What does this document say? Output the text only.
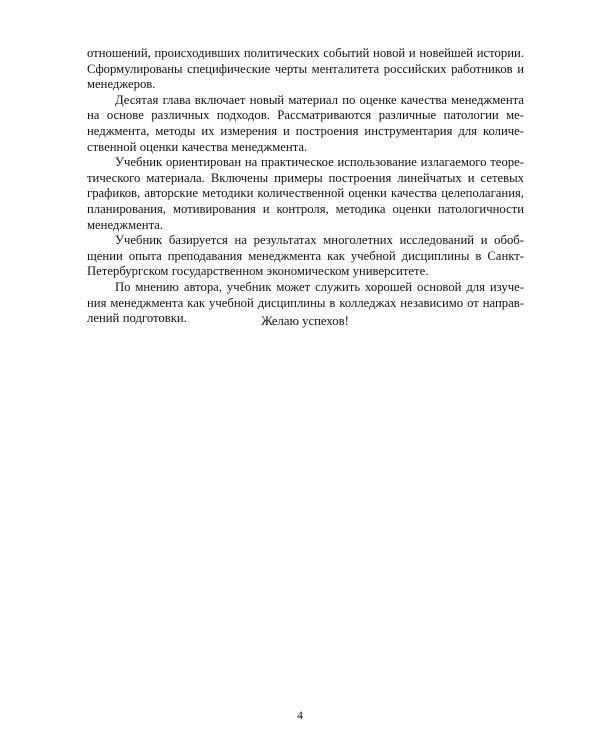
отношений, происходивших политических событий новой и новейшей истории.
Сформулированы специфические черты менталитета российских работников и
менеджеров.

Десятая глава включает новый материал по оценке качества менеджмента
на основе различных подходов. Рассматриваются различные патологии ме-
неджмента, методы их измерения и построения инструментария для количе-
ственной оценки качества менеджмента.

Учебник ориентирован на практическое использование излагаемого теоре-
тического материала. Включены примеры построения линейчатых и сетевых
графиков, авторские методики количественной оценки качества целеполагания,
планирования, мотивирования и контроля, методика оценки патологичности
менеджмента.

Учебник базируется на результатах многолетних исследований и обоб-
щении опыта преподавания менеджмента как учебной дисциплины в Санкт-
Петербургском государственном экономическом университете.

По мнению автора, учебник может служить хорошей основой для изуче-
ния менеджмента как учебной дисциплины в колледжах независимо от направ-
лений подготовки.	Желаю успехов!
4
